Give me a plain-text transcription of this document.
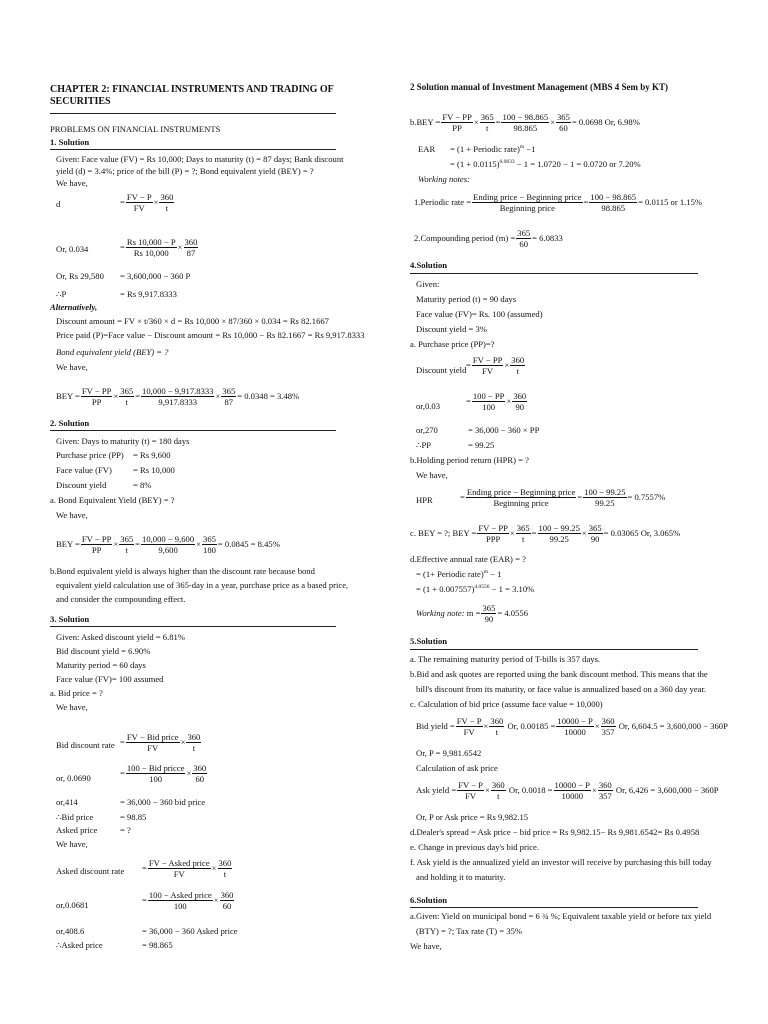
CHAPTER 2: FINANCIAL INSTRUMENTS AND TRADING OF SECURITIES
PROBLEMS ON FINANCIAL INSTRUMENTS
1. Solution
Given: Face value (FV) = Rs 10,000; Days to maturity (t) = 87 days; Bank discount
yield (d) = 3.4%; price of the bill (P) = ?; Bond equivalent yield (BEY) = ?
We have,
d	= $\frac{FV - P}{FV} \times \frac{360}{t}$
Or, 0.034	= $\frac{Rs 10,000 - P}{Rs 10,000} \times \frac{360}{87}$
Or, Rs 29,580 = 3,600,000 − 360 P
∴P	= Rs 9,917.8333
Alternatively,
Discount amount = FV × t/360 × d = Rs 10,000 × 87/360 × 0.034 = Rs 82.1667
Price paid (P)=Face value − Discount amount = Rs 10,000 − Rs 82.1667 = Rs 9,917.8333
Bond equivalent yield (BEY) = ?
We have,
BEY = $\frac{FV - PP}{PP} \times \frac{365}{t} = \frac{10,000 - 9,917.8333}{9,917.8333} \times \frac{365}{87} = 0.0348 = 3.48\%$
2. Solution
Given: Days to maturity (t) = 180 days
Purchase price (PP) = Rs 9,600
Face value (FV) = Rs 10,000
Discount yield	= 8%
a. Bond Equivalent Yield (BEY) = ?
We have,
BEY = $\frac{FV - PP}{PP} \times \frac{365}{t} = \frac{10,000 - 9,600}{9,600} \times \frac{365}{180} = 0.0845 = 8.45\%$
b.Bond equivalent yield is always higher than the discount rate because bond
equivalent yield calculation use of 365-day in a year, purchase price as a based price,
and consider the compounding effect.
3. Solution
Given: Asked discount yield = 6.81%
Bid discount yield = 6.90%
Maturity period = 60 days
Face value (FV)= 100 assumed
a. Bid price = ?
We have,
Bid discount rate = $\frac{\text{FV − Bid price}}{FV} \times \frac{360}{t}$
or, 0.0690	= $\frac{\text{100 − Bid pricce}}{100} \times \frac{360}{60}$
or,414	= 36,000 − 360 bid price
∴Bid price	= 98.85
Asked price	= ?
We have,
Asked discount rate = $\frac{\text{FV − Asked price}}{FV} \times \frac{360}{t}$
or,0.0681	= $\frac{\text{100 − Asked price}}{100} \times \frac{360}{60}$
or,408.6	= 36,000 − 360 Asked price
∴Asked price	= 98.865
2 Solution manual of Investment Management (MBS 4 Sem by KT)
$b.BEY = \frac{FV - PP}{PP} \times \frac{365}{t} = \frac{100 - 98.865}{98.865} \times \frac{365}{60} = 0.0698$ Or, 6.98%
EAR = (1 + Periodic rate)$^m$ −1
= $(1 + 0.0115)^{6.0833} - 1 = 1.0720 - 1 = 0.0720$ or 7.20%
Working notes:
1.Periodic rate = $\frac{\text{Ending price − Beginning price}}{\text{Beginning price}} = \frac{100 - 98.865}{98.865} = 0.0115$ or 1.15%
2.Compounding period $(m) = \frac{365}{60} = 6.0833$
4.Solution
Given:
Maturity period (t) = 90 days
Face value (FV)= Rs. 100 (assumed)
Discount yield = 3%
a. Purchase price (PP)=?
Discount yield = $\frac{FV - PP}{FV} \times \frac{360}{t}$
or,0.03	= $\frac{100 - PP}{100} \times \frac{360}{90}$
or,270	= 36,000 − 360 × PP
∴PP	= 99.25
b.Holding period return (HPR) = ?
We have,
HPR	= $\frac{\text{Ending price − Beginning price}}{\text{Beginning price}} = \frac{100 - 99.25}{99.25} = 0.7557\%$
c. BEY = ?; BEY = $\frac{FV - PP}{\text{PPP}} \times \frac{365}{t} = \frac{100 - 99.25}{99.25} \times \frac{365}{90} = 0.03065$ Or, 3.065%
d.Effective annual rate (EAR) = ?
= (1+ Periodic rate)$^m$ − 1
= $(1 + 0.007557)^{4.0556} - 1 = 3.10\%$
Working note: $m = \frac{365}{90} = 4.0556$
5.Solution
a. The remaining maturity period of T-bills is 357 days.
b.Bid and ask quotes are reported using the bank discount method. This means that the
bill's discount from its maturity, or face value is annualized based on a 360 day year.
c. Calculation of bid price (assume face value = 10,000)
Bid yield = $\frac{FV - P}{FV} \times \frac{360}{t} Or$, $0.00185 = \frac{10000 - P}{10000} \times \frac{360}{357} Or$, 6,604.5 = 3,600,000 − 360P
Or, P = 9,981.6542
Calculation of ask price
Ask yield = $\frac{FV - P}{FV} \times \frac{360}{t} Or$, $0.0018 = \frac{10000 - P}{10000} \times \frac{360}{357} Or$, 6,426 = 3,600,000 − 360P
Or, P or Ask price = Rs 9,982.15
d.Dealer's spread = Ask price − bid price = Rs 9,982.15− Rs 9,981.6542= Rs 0.4958
e. Change in previous day's bid price.
f. Ask yield is the annualized yield an investor will receive by purchasing this bill today
and holding it to maturity.
6.Solution
a.Given: Yield on municipal bond = 6 ¾ %; Equivalent taxable yield or before tax yield
(BTY) = ?; Tax rate (T) = 35%
We have,
